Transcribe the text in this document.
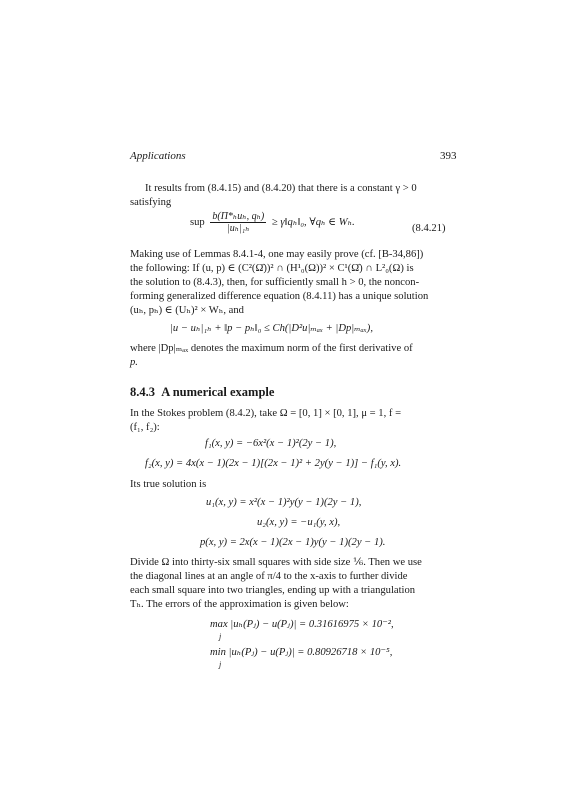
Applications	393
It results from (8.4.15) and (8.4.20) that there is a constant γ > 0
satisfying
sup $\frac{\text{b(Π*ₕuₕ, qₕ)}}{\text{|uₕ|₁ₕ}}$ ≥ γ‖qₕ‖₀, ∀qₕ ∈ Wₕ.
(8.4.21)
Making use of Lemmas 8.4.1-4, one may easily prove (cf. [B-34,86])
the following: If (u, p) ∈ (C²(Ω̄))² ∩ (H¹₀(Ω))² × C¹(Ω̄) ∩ L²₀(Ω) is
the solution to (8.4.3), then, for sufficiently small h > 0, the noncon-
forming generalized difference equation (8.4.11) has a unique solution
(uₕ, pₕ) ∈ (Uₕ)² × Wₕ, and
|u − uₕ|₁ₕ + ‖p − pₕ‖₀ ≤ Ch(|D²u|ₘₐₓ + |Dp|ₘₐₓ),
where |Dp|ₘₐₓ denotes the maximum norm of the first derivative of
p.
8.4.3 A numerical example
In the Stokes problem (8.4.2), take Ω = [0, 1] × [0, 1], μ = 1, f =
(f₁, f₂):
f₁(x, y) = −6x²(x − 1)²(2y − 1),
f₂(x, y) = 4x(x − 1)(2x − 1)[(2x − 1)² + 2y(y − 1)] − f₁(y, x).
Its true solution is
u₁(x, y) = x²(x − 1)²y(y − 1)(2y − 1),
u₂(x, y) = −u₁(y, x),
p(x, y) = 2x(x − 1)(2x − 1)y(y − 1)(2y − 1).
Divide Ω into thirty-six small squares with side size ⅙. Then we use
the diagonal lines at an angle of π/4 to the x-axis to further divide
each small square into two triangles, ending up with a triangulation
Tₕ. The errors of the approximation is given below:
max |uₕ(Pⱼ) − u(Pⱼ)| = 0.31616975 × 10⁻²,
j
min |uₕ(Pⱼ) − u(Pⱼ)| = 0.80926718 × 10⁻⁵,
j
